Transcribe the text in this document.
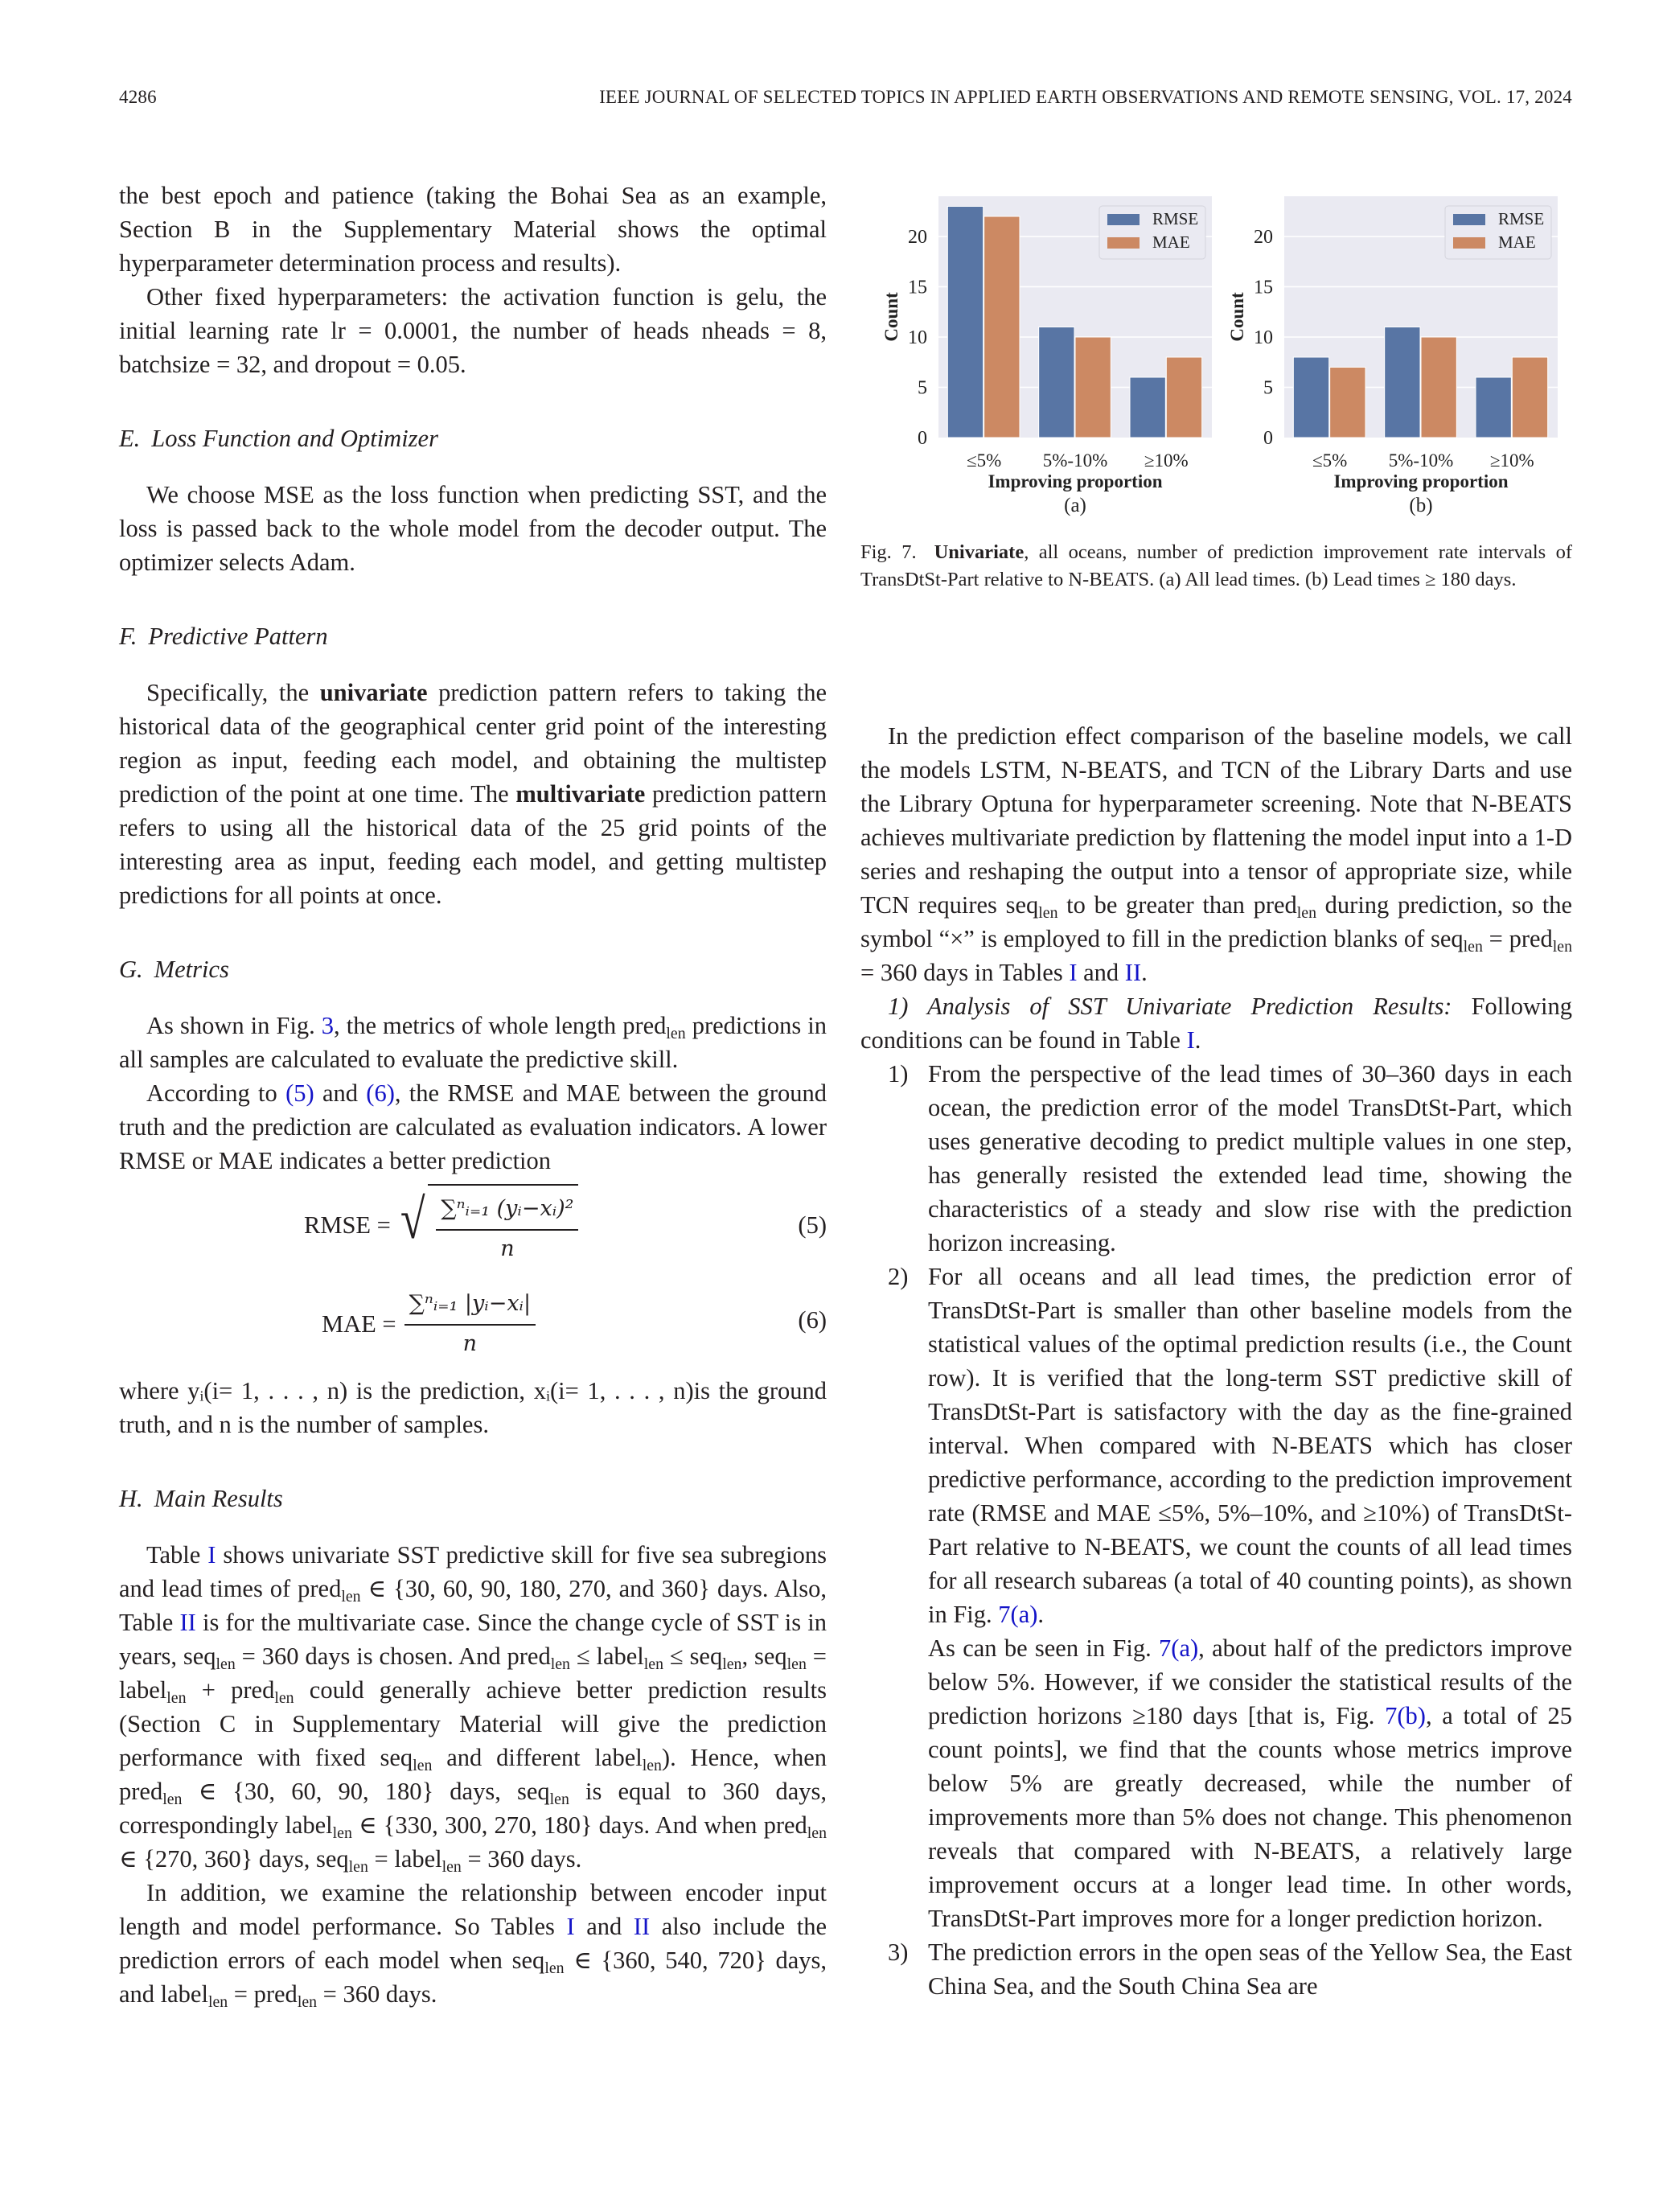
4286	IEEE JOURNAL OF SELECTED TOPICS IN APPLIED EARTH OBSERVATIONS AND REMOTE SENSING, VOL. 17, 2024

the best epoch and patience (taking the Bohai Sea as an example, Section B in the Supplementary Material shows the optimal hyperparameter determination process and results).

Other fixed hyperparameters: the activation function is gelu, the initial learning rate lr = 0.0001, the number of heads nheads = 8, batchsize = 32, and dropout = 0.05.

E. Loss Function and Optimizer

We choose MSE as the loss function when predicting SST, and the loss is passed back to the whole model from the decoder output. The optimizer selects Adam.

F. Predictive Pattern

Specifically, the univariate prediction pattern refers to taking the historical data of the geographical center grid point of the interesting region as input, feeding each model, and obtaining the multistep prediction of the point at one time. The multivariate prediction pattern refers to using all the historical data of the 25 grid points of the interesting area as input, feeding each model, and getting multistep predictions for all points at once.

G. Metrics

As shown in Fig. 3, the metrics of whole length pred$_{len}$ predictions in all samples are calculated to evaluate the predictive skill.

According to (5) and (6), the RMSE and MAE between the ground truth and the prediction are calculated as evaluation indicators. A lower RMSE or MAE indicates a better prediction

RMSE = √ $\frac{\text{∑ⁿᵢ₌₁ (yᵢ−xᵢ)²}}{n}$	(5)
MAE = $\frac{\text{∑ⁿᵢ₌₁ |yᵢ−xᵢ|}}{n}$	(6)

where yᵢ(i= 1, . . . , n) is the prediction, xᵢ(i= 1, . . . , n)is the ground truth, and n is the number of samples.

H. Main Results

Table I shows univariate SST predictive skill for five sea subregions and lead times of pred$_{len}$ ∈ {30, 60, 90, 180, 270, and 360} days. Also, Table II is for the multivariate case. Since the change cycle of SST is in years, seq$_{len}$ = 360 days is chosen. And pred$_{len}$ ≤ label$_{len}$ ≤ seq$_{len}$, seq$_{len}$ = label$_{len}$ + pred$_{len}$ could generally achieve better prediction results (Section C in Supplementary Material will give the prediction performance with fixed seq$_{len}$ and different label$_{len}$). Hence, when pred$_{len}$ ∈ {30, 60, 90, 180} days, seq$_{len}$ is equal to 360 days, correspondingly label$_{len}$ ∈ {330, 300, 270, 180} days. And when pred$_{len}$ ∈ {270, 360} days, seq$_{len}$ = label$_{len}$ = 360 days.

In addition, we examine the relationship between encoder input length and model performance. So Tables I and II also include the prediction errors of each model when seq$_{len}$ ∈ {360, 540, 720} days, and label$_{len}$ = pred$_{len}$ = 360 days.

0
5
10
15
20
≤5% 5%-10% ≥10%
Improving proportion
(a)
Count
RMSE
MAE
0
5
10
15
20
≤5% 5%-10% ≥10%
Improving proportion
(b)
Count
RMSE
MAE
Fig. 7. Univariate, all oceans, number of prediction improvement rate intervals of TransDtSt-Part relative to N-BEATS. (a) All lead times. (b) Lead times ≥ 180 days.

In the prediction effect comparison of the baseline models, we call the models LSTM, N-BEATS, and TCN of the Library Darts and use the Library Optuna for hyperparameter screening. Note that N-BEATS achieves multivariate prediction by flattening the model input into a 1-D series and reshaping the output into a tensor of appropriate size, while TCN requires seq$_{len}$ to be greater than pred$_{len}$ during prediction, so the symbol “×” is employed to fill in the prediction blanks of seq$_{len}$ = pred$_{len}$ = 360 days in Tables I and II.

1) Analysis of SST Univariate Prediction Results: Following conditions can be found in Table I.

1) From the perspective of the lead times of 30–360 days in each ocean, the prediction error of the model TransDtSt-Part, which uses generative decoding to predict multiple values in one step, has generally resisted the extended lead time, showing the characteristics of a steady and slow rise with the prediction horizon increasing.
2) For all oceans and all lead times, the prediction error of TransDtSt-Part is smaller than other baseline models from the statistical values of the optimal prediction results (i.e., the Count row). It is verified that the long-term SST predictive skill of TransDtSt-Part is satisfactory with the day as the fine-grained interval. When compared with N-BEATS which has closer predictive performance, according to the prediction improvement rate (RMSE and MAE ≤5%, 5%–10%, and ≥10%) of TransDtSt-Part relative to N-BEATS, we count the counts of all lead times for all research subareas (a total of 40 counting points), as shown in Fig. 7(a).
As can be seen in Fig. 7(a), about half of the predictors improve below 5%. However, if we consider the statistical results of the prediction horizons ≥180 days [that is, Fig. 7(b), a total of 25 count points], we find that the counts whose metrics improve below 5% are greatly decreased, while the number of improvements more than 5% does not change. This phenomenon reveals that compared with N-BEATS, a relatively large improvement occurs at a longer lead time. In other words, TransDtSt-Part improves more for a longer prediction horizon.
3) The prediction errors in the open seas of the Yellow Sea, the East China Sea, and the South China Sea are
